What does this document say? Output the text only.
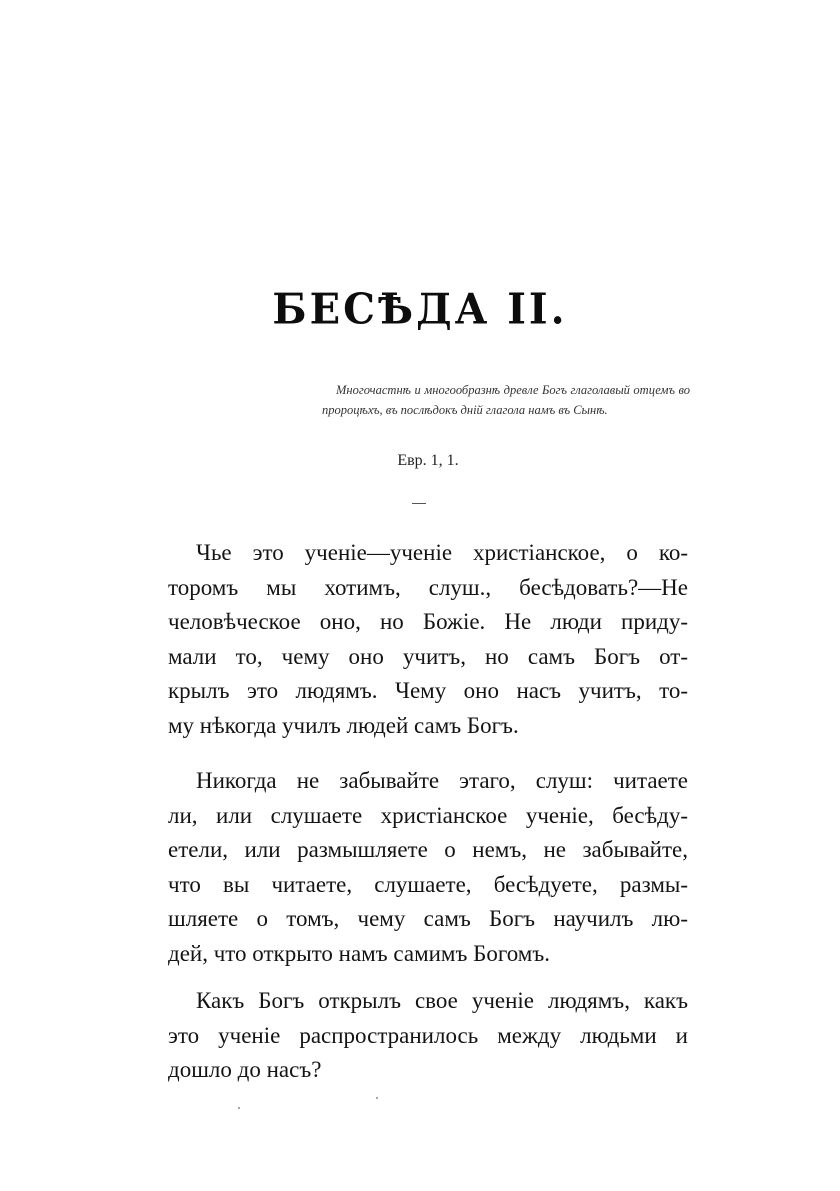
БЕСѢДА II.
Многочастнѣ и многообразнѣ древле Богъ глаголавый отцемъ во пророцѣхъ, въ послѣдокъ дній глагола намъ въ Сынѣ.
Евр. 1, 1.
Чье это ученіе—ученіе христіанское, о ко-
торомъ мы хотимъ, слуш., бесѣдовать?—Не
человѣческое оно, но Божіе. Не люди приду-
мали то, чему оно учитъ, но самъ Богъ от-
крылъ это людямъ. Чему оно насъ учитъ, то-
му нѣкогда училъ людей самъ Богъ.
Никогда не забывайте этаго, слуш: читаете
ли, или слушаете христіанское ученіе, бесѣду-
етели, или размышляете о немъ, не забывайте,
что вы читаете, слушаете, бесѣдуете, размы-
шляете о томъ, чему самъ Богъ научилъ лю-
дей, что открыто намъ самимъ Богомъ.
Какъ Богъ открылъ свое ученіе людямъ, какъ
это ученіе распространилось между людьми и
дошло до насъ?
